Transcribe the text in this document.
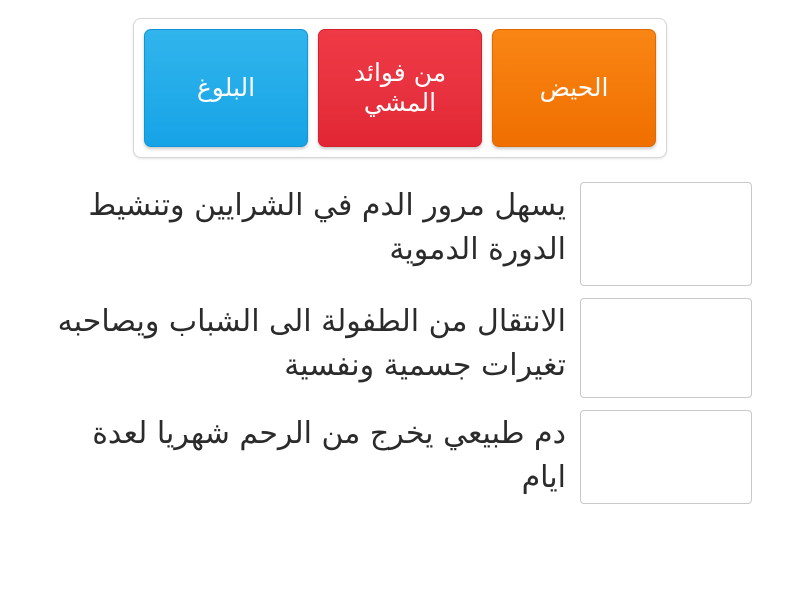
الحيض
من فوائد المشي
البلوغ
يسهل مرور الدم في الشرايين وتنشيط الدورة الدموية
الانتقال من الطفولة الى الشباب ويصاحبه تغيرات جسمية ونفسية
دم طبيعي يخرج من الرحم شهريا لعدة ايام
